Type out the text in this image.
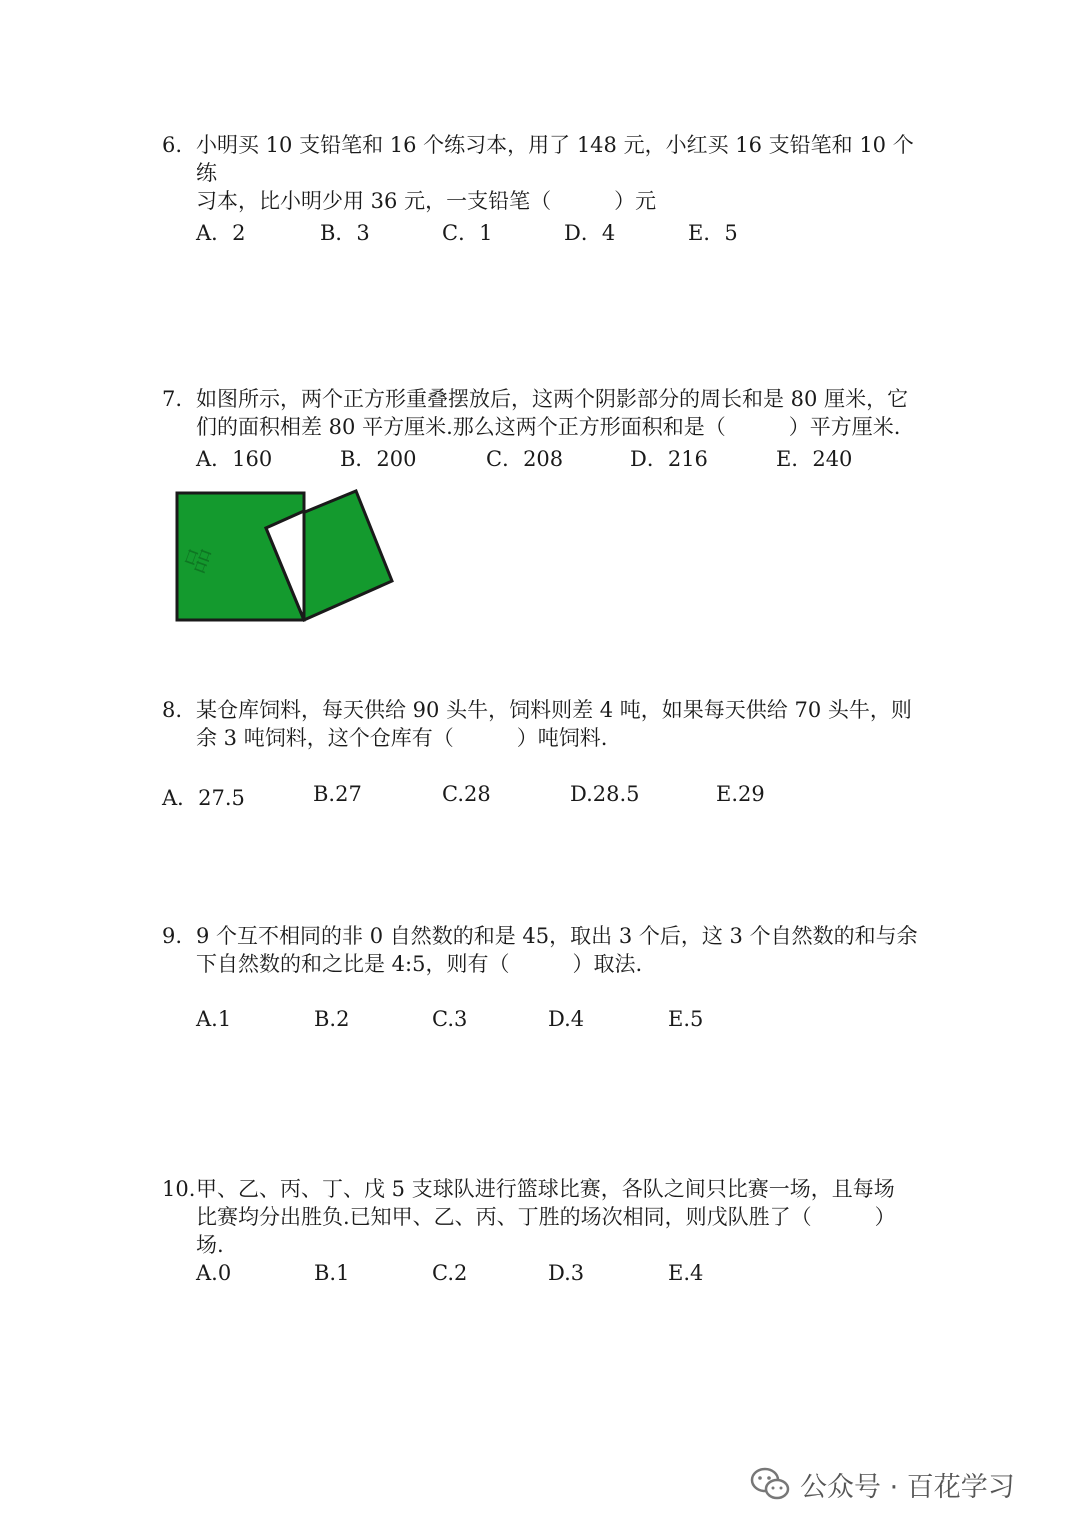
6. 小明买 10 支铅笔和 16 个练习本，用了 148 元，小红买 16 支铅笔和 10 个练
习本，比小明少用 36 元，一支铅笔（　　　）元
A．2	B．3	C．1	D．4	E．5
7. 如图所示，两个正方形重叠摆放后，这两个阴影部分的周长和是 80 厘米，它
们的面积相差 80 平方厘米.那么这两个正方形面积和是（　　　）平方厘米.
A．160	B．200	C．208	D．216	E．240
品
8. 某仓库饲料，每天供给 90 头牛，饲料则差 4 吨，如果每天供给 70 头牛，则
余 3 吨饲料，这个仓库有（　　　）吨饲料.
A．27.5	B.27	C.28	D.28.5	E.29
9. 9 个互不相同的非 0 自然数的和是 45，取出 3 个后，这 3 个自然数的和与余
下自然数的和之比是 4:5，则有（　　　）取法.
A.1	B.2	C.3	D.4	E.5
10. 甲、乙、丙、丁、戊 5 支球队进行篮球比赛，各队之间只比赛一场，且每场
比赛均分出胜负.已知甲、乙、丙、丁胜的场次相同，则戊队胜了（　　　）场.
A.0	B.1	C.2	D.3	E.4
公众号 · 百花学习
